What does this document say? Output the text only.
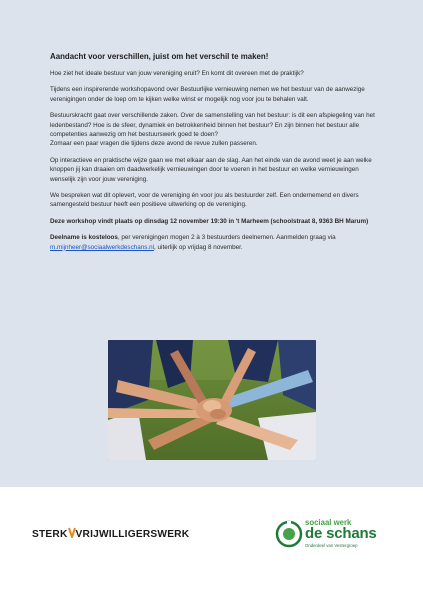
Aandacht voor verschillen, juist om het verschil te maken!

Hoe ziet het ideale bestuur van jouw vereniging eruit? En komt dit overeen met de praktijk?

Tijdens een inspirerende workshopavond over Bestuurlijke vernieuwing nemen we het bestuur van de aanwezige verenigingen onder de loep om te kijken welke winst er mogelijk nog voor jou te behalen valt.

Bestuurskracht gaat over verschillende zaken. Over de samenstelling van het bestuur: is dit een afspiegeling van het ledenbestand? Hoe is de sfeer, dynamiek en betrokkenheid binnen het bestuur? En zijn binnen het bestuur alle competenties aanwezig om het bestuurswerk goed te doen?
Zomaar een paar vragen die tijdens deze avond de revue zullen passeren.

Op interactieve en praktische wijze gaan we met elkaar aan de slag. Aan het einde van de avond weet je aan welke knoppen jij kan draaien om daadwerkelijk vernieuwingen door te voeren in het bestuur en welke vernieuwingen wenselijk zijn voor jouw vereniging.

We bespreken wat dit oplevert, voor de vereniging én voor jou als bestuurder zelf. Een ondernemend en divers samengesteld bestuur heeft een positieve uitwerking op de vereniging.

Deze workshop vindt plaats op dinsdag 12 november 19:30 in 't Marheem (schoolstraat 8, 9363 BH Marum)

Deelname is kosteloos, per verenigingen mogen 2 à 3 bestuurders deelnemen. Aanmelden graag via m.mijnheer@sociaalwerkdeschans.nl, uiterlijk op vrijdag 8 november.

STERK VRIJWILLIGERSWERK
sociaal werk
de schans
Onderdeel van Vestergroep
